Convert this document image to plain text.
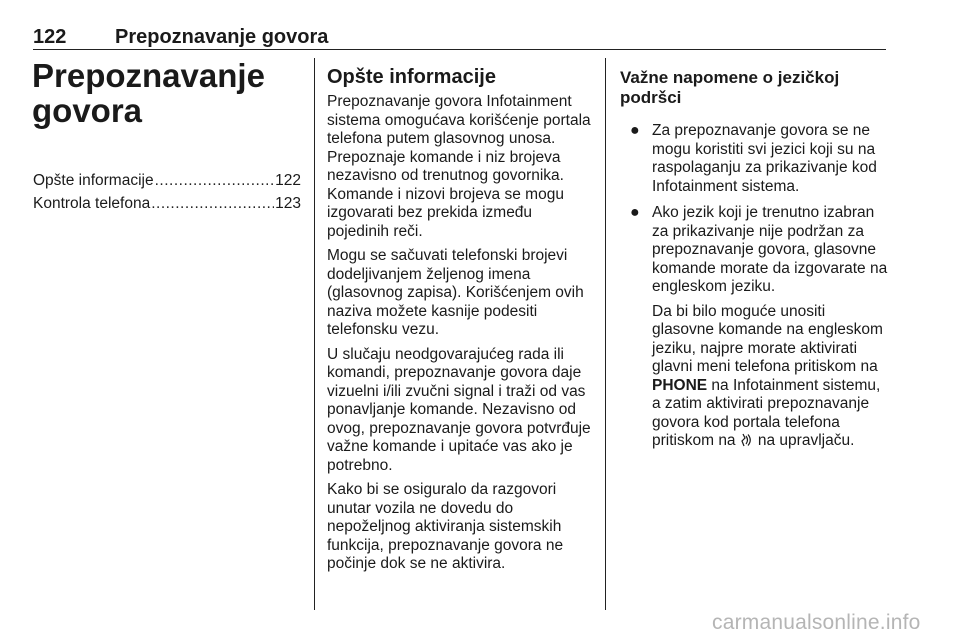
122 Prepoznavanje govora
Prepoznavanje
govora
Opšte informacije .....	122
Kontrola telefona .....	123
Opšte informacije

Prepoznavanje govora Infotainment sistema omogućava korišćenje portala telefona putem glasovnog unosa. Prepoznaje komande i niz brojeva nezavisno od trenutnog govornika. Komande i nizovi brojeva se mogu izgovarati bez prekida između pojedinih reči.

Mogu se sačuvati telefonski brojevi dodeljivanjem željenog imena (glasovnog zapisa). Korišćenjem ovih naziva možete kasnije podesiti telefonsku vezu.

U slučaju neodgovarajućeg rada ili komandi, prepoznavanje govora daje vizuelni i/ili zvučni signal i traži od vas ponavljanje komande. Nezavisno od ovog, prepoznavanje govora potvrđuje važne komande i upitaće vas ako je potrebno.

Kako bi se osiguralo da razgovori unutar vozila ne dovedu do nepoželjnog aktiviranja sistemskih funkcija, prepoznavanje govora ne počinje dok se ne aktivira.

Važne napomene o jezičkoj podršci
● Za prepoznavanje govora se ne mogu koristiti svi jezici koji su na raspolaganju za prikazivanje kod Infotainment sistema.
● Ako jezik koji je trenutno izabran za prikazivanje nije podržan za prepoznavanje govora, glasovne komande morate da izgovarate na engleskom jeziku.
Da bi bilo moguće unositi glasovne komande na engleskom jeziku, najpre morate aktivirati glavni meni telefona pritiskom na PHONE na Infotainment sistemu, a zatim aktivirati prepoznavanje govora kod portala telefona pritiskom na na upravljaču.
carmanualsonline.info
